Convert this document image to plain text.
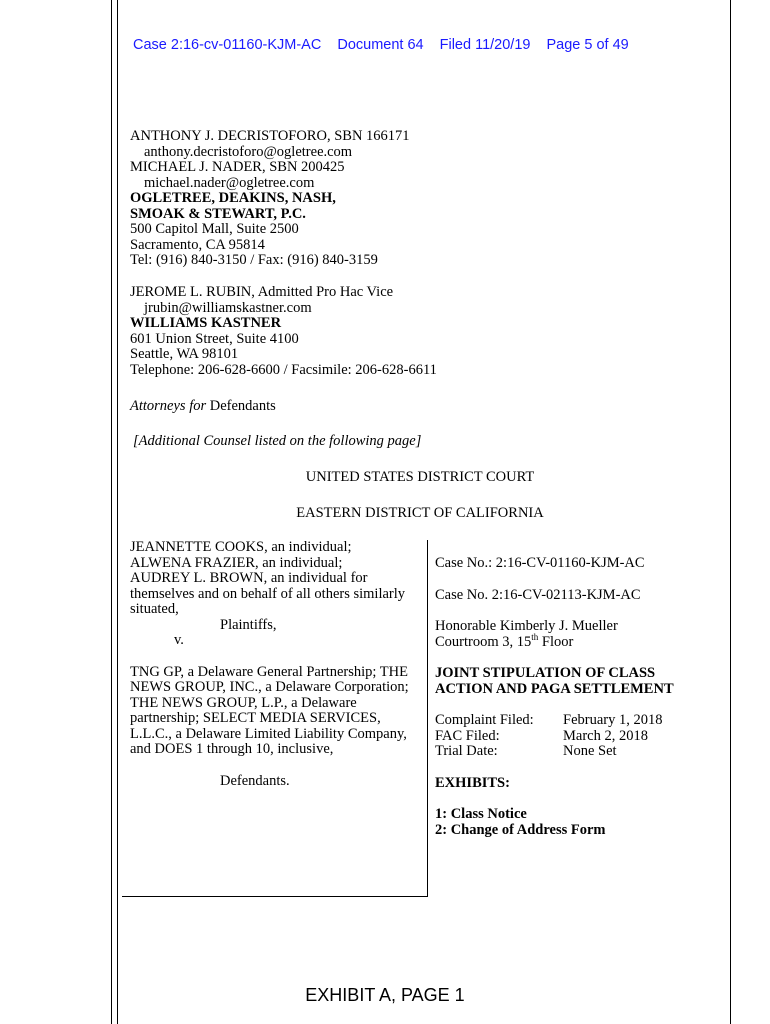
Case 2:16-cv-01160-KJM-AC Document 64 Filed 11/20/19 Page 5 of 49
ANTHONY J. DECRISTOFORO, SBN 166171
anthony.decristoforo@ogletree.com
MICHAEL J. NADER, SBN 200425
michael.nader@ogletree.com
OGLETREE, DEAKINS, NASH,
SMOAK & STEWART, P.C.
500 Capitol Mall, Suite 2500
Sacramento, CA 95814
Tel: (916) 840-3150 / Fax: (916) 840-3159
JEROME L. RUBIN, Admitted Pro Hac Vice
jrubin@williamskastner.com
WILLIAMS KASTNER
601 Union Street, Suite 4100
Seattle, WA 98101
Telephone: 206-628-6600 / Facsimile: 206-628-6611
Attorneys for Defendants
[Additional Counsel listed on the following page]
UNITED STATES DISTRICT COURT
EASTERN DISTRICT OF CALIFORNIA
JEANNETTE COOKS, an individual;
ALWENA FRAZIER, an individual;
AUDREY L. BROWN, an individual for
themselves and on behalf of all others similarly
situated,
Plaintiffs,
v.
TNG GP, a Delaware General Partnership; THE
NEWS GROUP, INC., a Delaware Corporation;
THE NEWS GROUP, L.P., a Delaware
partnership; SELECT MEDIA SERVICES,
L.L.C., a Delaware Limited Liability Company,
and DOES 1 through 10, inclusive,
Defendants.
Case No.: 2:16-CV-01160-KJM-AC
Case No. 2:16-CV-02113-KJM-AC
Honorable Kimberly J. Mueller
Courtroom 3, 15th Floor
JOINT STIPULATION OF CLASS
ACTION AND PAGA SETTLEMENT
Complaint Filed:	February 1, 2018
FAC Filed:	March 2, 2018
Trial Date:	None Set
EXHIBITS:
1: Class Notice
2: Change of Address Form
EXHIBIT A, PAGE 1
